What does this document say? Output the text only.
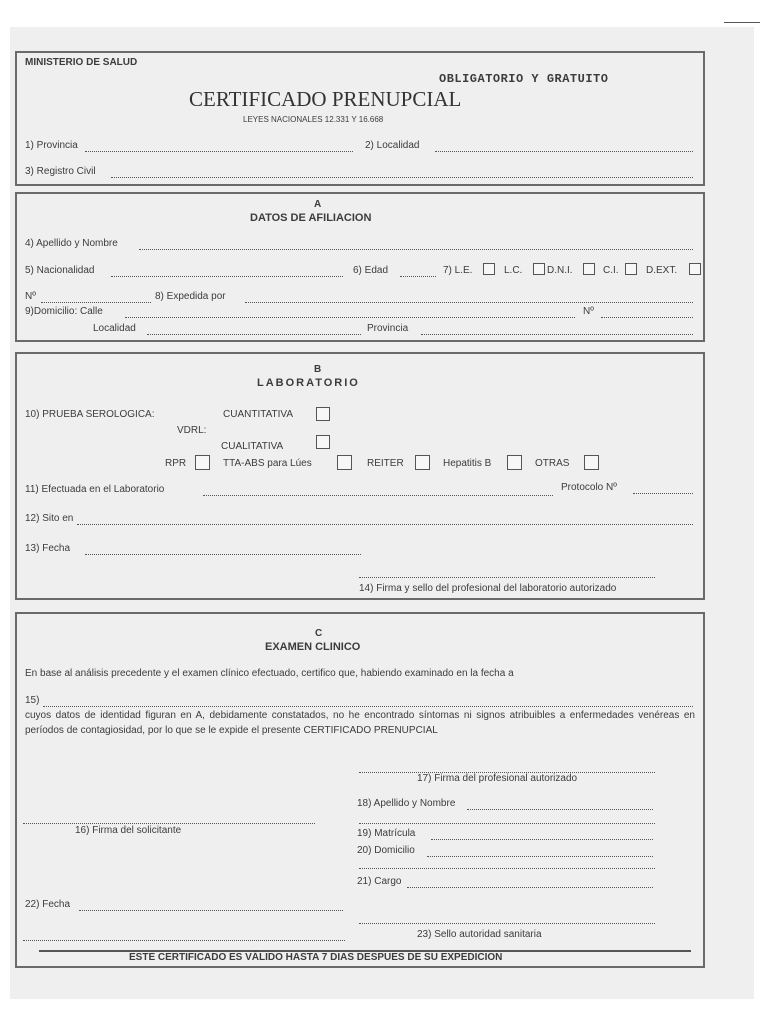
MINISTERIO DE SALUD
OBLIGATORIO Y GRATUITO
CERTIFICADO PRENUPCIAL
LEYES NACIONALES 12.331 Y 16.668
1) Provincia	2) Localidad
3) Registro Civil
A
DATOS DE AFILIACION
4) Apellido y Nombre
5) Nacionalidad	6) Edad	7) L.E.	L.C. D.N.I.	C.I.	D.EXT.
Nº	8) Expedida por
9)Domicilio: Calle	Nº
Localidad	Provincia
B
LABORATORIO
10) PRUEBA SEROLOGICA:	CUANTITATIVA
VDRL:
CUALITATIVA
RPR	TTA-ABS para Lúes	REITER	Hepatitis B	OTRAS
11) Efectuada en el Laboratorio	Protocolo Nº
12) Sito en
13) Fecha
14) Firma y sello del profesional del laboratorio autorizado
C
EXAMEN CLINICO
En base al análisis precedente y el examen clínico efectuado, certifico que, habiendo examinado en la fecha a
15)
cuyos datos de identidad figuran en A, debidamente constatados, no he encontrado síntomas ni signos atribuibles a enfermedades venéreas en períodos de contagiosidad, por lo que se le expide el presente CERTIFICADO PRENUPCIAL
17) Firma del profesional autorizado
18) Apellido y Nombre
16) Firma del solicitante	19) Matrícula
20) Domicilio
21) Cargo
22) Fecha
23) Sello autoridad sanitaria
ESTE CERTIFICADO ES VÁLIDO HASTA 7 DIAS DESPUES DE SU EXPEDICION
